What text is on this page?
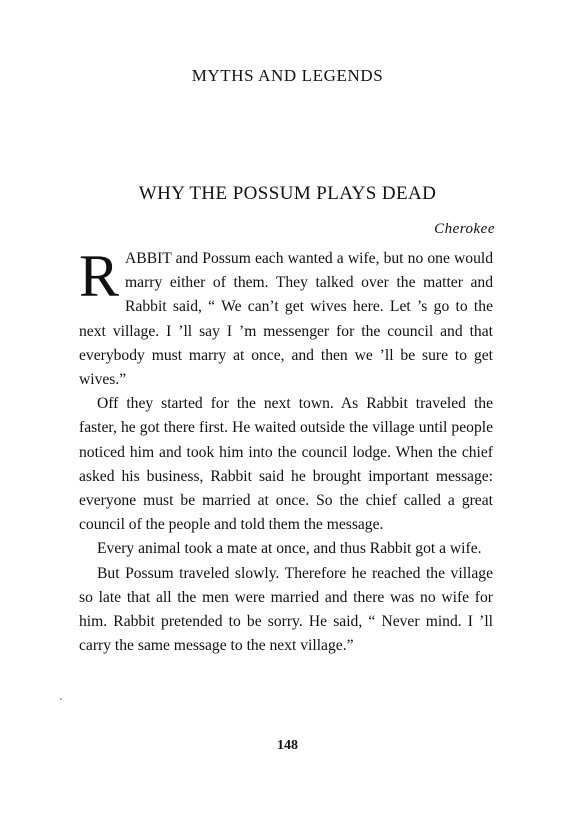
MYTHS AND LEGENDS
WHY THE POSSUM PLAYS DEAD
Cherokee

RABBIT and Possum each wanted a wife, but no one would marry either of them. They talked over the matter and Rabbit said, “ We can’t get wives here. Let ’s go to the next village. I ’ll say I ’m messenger for the council and that everybody must marry at once, and then we ’ll be sure to get wives.”

Off they started for the next town. As Rabbit traveled the faster, he got there first. He waited outside the village until people noticed him and took him into the council lodge. When the chief asked his business, Rabbit said he brought important message: everyone must be married at once. So the chief called a great council of the people and told them the message.

Every animal took a mate at once, and thus Rabbit got a wife.

But Possum traveled slowly. Therefore he reached the village so late that all the men were married and there was no wife for him. Rabbit pretended to be sorry. He said, “ Never mind. I ’ll carry the same message to the next village.”

148
